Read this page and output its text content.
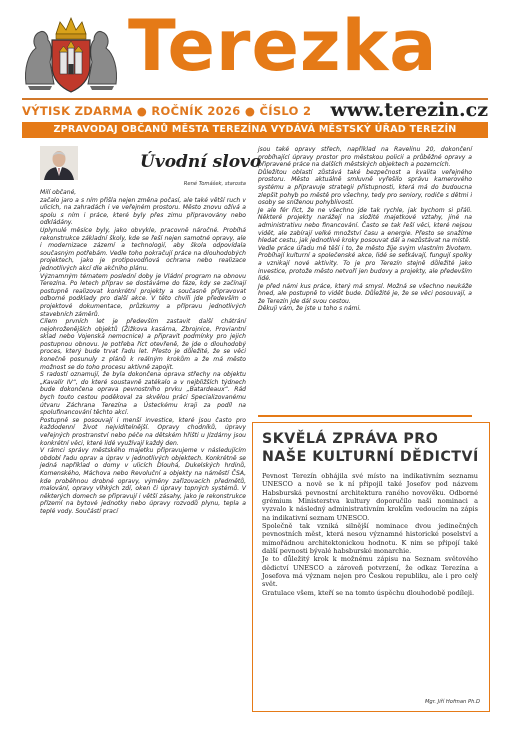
Terezka
VÝTISK ZDARMA ● ROČNÍK 2026 ● ČÍSLO 2 www.terezin.cz
ZPRAVODAJ OBČANŮ MĚSTA TEREZÍNA VYDÁVÁ MĚSTSKÝ ÚŘAD TEREZÍN
Úvodní slovo
René Tomášek, starosta

Milí občané,

začalo jaro a s ním přišla nejen změna počasí, ale také větší ruch v ulicích, na zahradách i ve veřejném prostoru. Město znovu ožívá a spolu s ním i práce, které byly přes zimu připravovány nebo odkládány.

Uplynulé měsíce byly, jako obvykle, pracovně náročné. Probíhá rekonstrukce základní školy, kde se řeší nejen samotné opravy, ale i modernizace zázemí a technologií, aby škola odpovídala současným potřebám. Vedle toho pokračují práce na dlouhodobých projektech, jako je protipovodňová ochrana nebo realizace jednotlivých akcí dle akčního plánu.

Významným tématem poslední doby je Vládní program na obnovu Terezína. Po letech příprav se dostáváme do fáze, kdy se začínají postupně realizovat konkrétní projekty a současně připravovat odborné podklady pro další akce. V této chvíli jde především o projektové dokumentace, průzkumy a přípravu jednotlivých stavebních záměrů.

Cílem prvních let je především zastavit další chátrání nejohroženějších objektů (Žižkova kasárna, Zbrojnice, Proviantní sklad nebo Vojenská nemocnice) a připravit podmínky pro jejich postupnou obnovu. Je potřeba říct otevřeně, že jde o dlouhodobý proces, který bude trvat řadu let. Přesto je důležité, že se věci konečně posunuly z plánů k reálným krokům a že má město možnost se do toho procesu aktivně zapojit.

S radostí oznamují, že byla dokončena oprava střechy na objektu „Kavalír IV“, do které soustavně zatékalo a v nejbližších týdnech bude dokončena oprava pevnostního prvku „Batardeaux“. Rád bych touto cestou poděkoval za skvělou práci Specializovanému útvaru Záchrana Terezína a Ústeckému kraji za podíl na spolufinancování těchto akcí.

Postupně se posouvají i menší investice, které jsou často pro každodenní život nejviditelnější. Opravy chodníků, úpravy veřejných prostranství nebo péče na dětském hřišti u Jízdárny jsou konkrétní věci, které lidé využívají každý den.

V rámci správy městského majetku připravujeme v následujícím období řadu oprav a úprav v jednotlivých objektech. Konkrétně se jedná například o domy v ulicích Dlouhá, Dukelských hrdinů, Komenského, Máchova nebo Revoluční a objekty na náměstí ČSA, kde proběhnou drobné opravy, výměny zařizovacích předmětů, malování, opravy vlhkých zdí, oken či úpravy topných systémů. V některých domech se připravují i větší zásahy, jako je rekonstrukce přízemí na bytové jednotky nebo úpravy rozvodů plynu, tepla a teplé vody. Součástí prací

jsou také opravy střech, například na Ravelinu 20, dokončení probíhající úpravy prostor pro městskou policii a průběžné opravy a připravené práce na dalších městských objektech a pozemcích.

Důležitou oblastí zůstává také bezpečnost a kvalita veřejného prostoru. Město aktuálně smluvně vyřešilo správu kamerového systému a připravuje strategii přístupnosti, která má do budoucna zlepšit pohyb po městě pro všechny, tedy pro seniory, rodiče s dětmi i osoby se sníženou pohyblivostí.

Je ale fér říct, že ne všechno jde tak rychle, jak bychom si přáli. Některé projekty narážejí na složité majetkové vztahy, jiné na administrativu nebo financování. Často se tak řeší věci, které nejsou vidět, ale zabírají velké množství času a energie. Přesto se snažíme hledat cestu, jak jednotlivé kroky posouvat dál a nezůstávat na místě.

Vedle práce úřadu mě těší i to, že město žije svým vlastním životem. Probíhají kulturní a společenské akce, lidé se setkávají, fungují spolky a vznikají nové aktivity. To je pro Terezín stejně důležité jako investice, protože město netvoří jen budovy a projekty, ale především lidé.

Je před námi kus práce, který má smysl. Možná se všechno neukáže hned, ale postupně to vidět bude. Důležité je, že se věci posouvají, a že Terezín jde dál svou cestou.

Děkuji vám, že jste u toho s námi.

SKVĚLÁ ZPRÁVA PRO NAŠE KULTURNÍ DĚDICTVÍ

Pevnost Terezín obhájila své místo na indikativním seznamu UNESCO a nově se k ní připojil také Josefov pod názvem Habsburská pevnostní architektura raného novověku. Odborné grémium Ministerstva kultury doporučilo naši nominaci a vyzvalo k následný administrativním krokům vedoucím na zápis na indikativní seznam UNESCO.

Společně tak vzniká silnější nominace dvou jedinečných pevnostních měst, která nesou významné historické poselství a mimořádnou architektonickou hodnotu. K nim se připojí také další pevnosti bývalé habsburské monarchie.

Je to důležitý krok k možnému zápisu na Seznam světového dědictví UNESCO a zároveň potvrzení, že odkaz Terezína a Josefova má význam nejen pro Českou republiku, ale i pro celý svět.

Gratulace všem, kteří se na tomto úspěchu dlouhodobě podíleji.

Mgr. Jiří Hofman Ph.D
